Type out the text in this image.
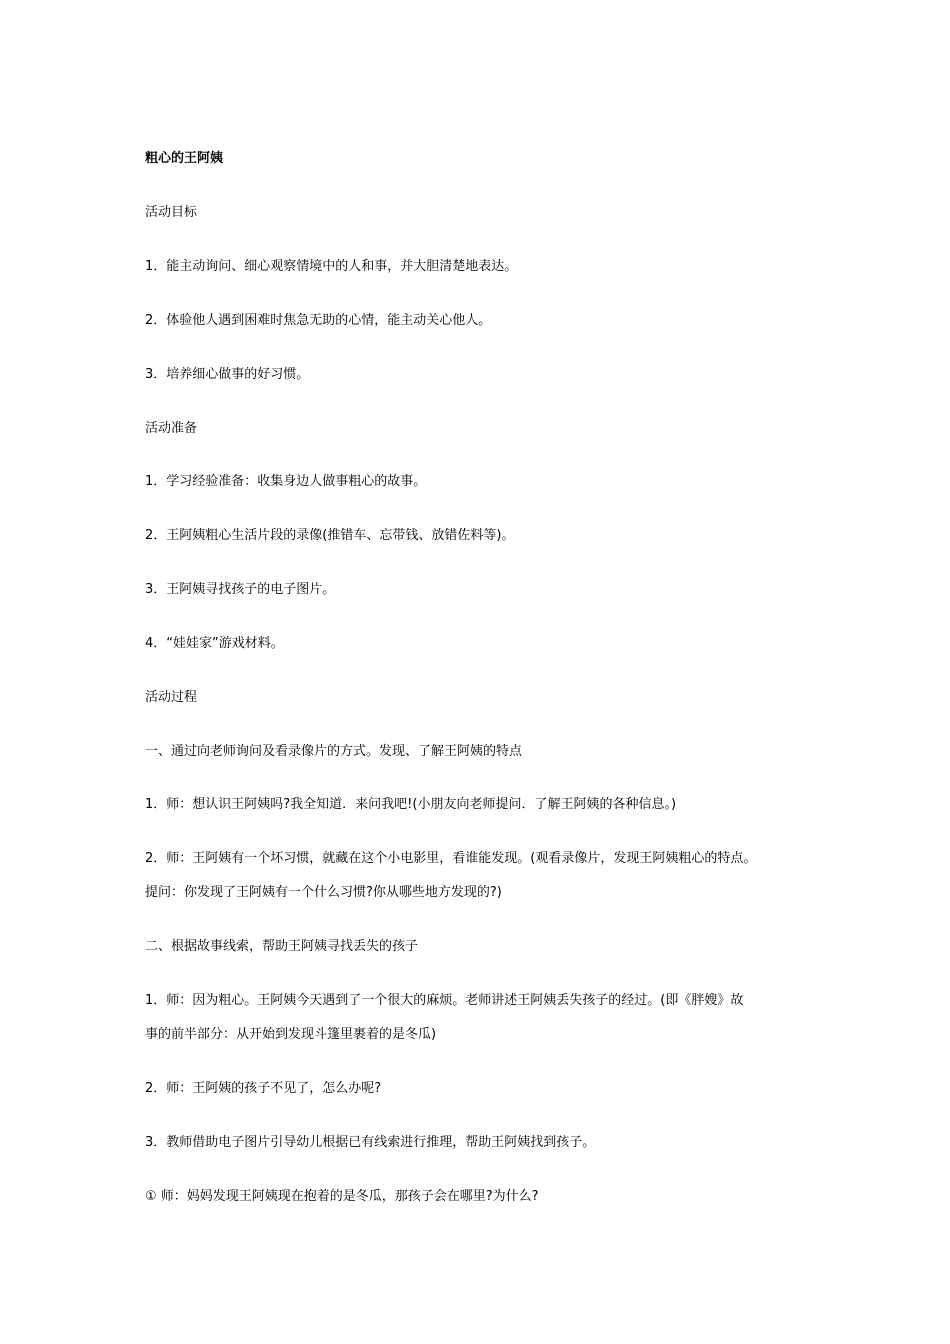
粗心的王阿姨
活动目标
1．能主动询问、细心观察情境中的人和事，并大胆清楚地表达。
2．体验他人遇到困难时焦急无助的心情，能主动关心他人。
3．培养细心做事的好习惯。
活动准备
1．学习经验准备：收集身边人做事粗心的故事。
2．王阿姨粗心生活片段的录像(推错车、忘带钱、放错佐料等)。
3．王阿姨寻找孩子的电子图片。
4．“娃娃家”游戏材料。
活动过程
一、通过向老师询问及看录像片的方式。发现、了解王阿姨的特点
1．师：想认识王阿姨吗?我全知道．来问我吧!(小朋友向老师提问．了解王阿姨的各种信息。)
2．师：王阿姨有一个坏习惯，就藏在这个小电影里，看谁能发现。(观看录像片，发现王阿姨粗心的特点。
提问：你发现了王阿姨有一个什么习惯?你从哪些地方发现的?)
二、根据故事线索，帮助王阿姨寻找丢失的孩子
1．师：因为粗心。王阿姨今天遇到了一个很大的麻烦。老师讲述王阿姨丢失孩子的经过。(即《胖嫂》故
事的前半部分：从开始到发现斗篷里裹着的是冬瓜)
2．师：王阿姨的孩子不见了，怎么办呢?
3．教师借助电子图片引导幼儿根据已有线索进行推理，帮助王阿姨找到孩子。
① 师：妈妈发现王阿姨现在抱着的是冬瓜，那孩子会在哪里?为什么?
